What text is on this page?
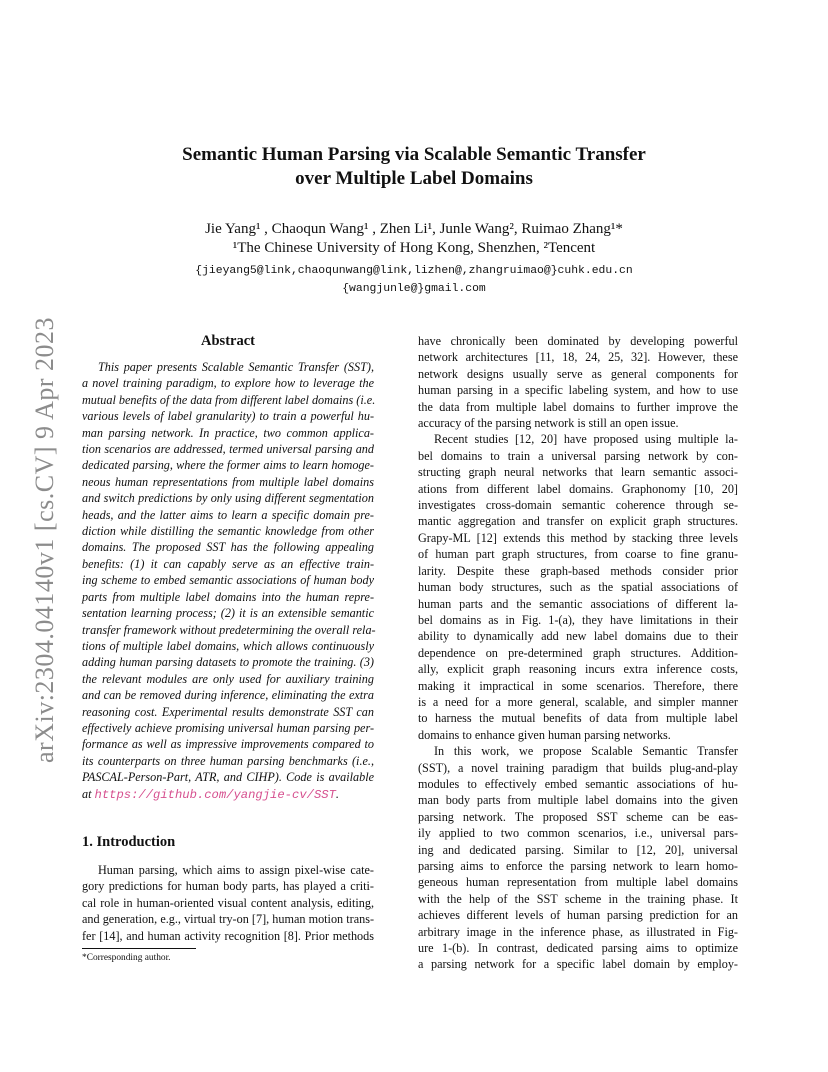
arXiv:2304.04140v1 [cs.CV] 9 Apr 2023
Semantic Human Parsing via Scalable Semantic Transfer
over Multiple Label Domains
Jie Yang¹ , Chaoqun Wang¹ , Zhen Li¹, Junle Wang², Ruimao Zhang¹*
¹The Chinese University of Hong Kong, Shenzhen, ²Tencent
{jieyang5@link,chaoqunwang@link,lizhen@,zhangruimao@}cuhk.edu.cn
{wangjunle@}gmail.com
Abstract
This paper presents Scalable Semantic Transfer (SST),
a novel training paradigm, to explore how to leverage the
mutual benefits of the data from different label domains (i.e.
various levels of label granularity) to train a powerful hu-
man parsing network. In practice, two common applica-
tion scenarios are addressed, termed universal parsing and
dedicated parsing, where the former aims to learn homoge-
neous human representations from multiple label domains
and switch predictions by only using different segmentation
heads, and the latter aims to learn a specific domain pre-
diction while distilling the semantic knowledge from other
domains. The proposed SST has the following appealing
benefits: (1) it can capably serve as an effective train-
ing scheme to embed semantic associations of human body
parts from multiple label domains into the human repre-
sentation learning process; (2) it is an extensible semantic
transfer framework without predetermining the overall rela-
tions of multiple label domains, which allows continuously
adding human parsing datasets to promote the training. (3)
the relevant modules are only used for auxiliary training
and can be removed during inference, eliminating the extra
reasoning cost. Experimental results demonstrate SST can
effectively achieve promising universal human parsing per-
formance as well as impressive improvements compared to
its counterparts on three human parsing benchmarks (i.e.,
PASCAL-Person-Part, ATR, and CIHP). Code is available
at https://github.com/yangjie-cv/SST.
1. Introduction
Human parsing, which aims to assign pixel-wise cate-
gory predictions for human body parts, has played a criti-
cal role in human-oriented visual content analysis, editing,
and generation, e.g., virtual try-on [7], human motion trans-
fer [14], and human activity recognition [8]. Prior methods
*Corresponding author.
have chronically been dominated by developing powerful
network architectures [11, 18, 24, 25, 32]. However, these
network designs usually serve as general components for
human parsing in a specific labeling system, and how to use
the data from multiple label domains to further improve the
accuracy of the parsing network is still an open issue.
Recent studies [12, 20] have proposed using multiple la-
bel domains to train a universal parsing network by con-
structing graph neural networks that learn semantic associ-
ations from different label domains. Graphonomy [10, 20]
investigates cross-domain semantic coherence through se-
mantic aggregation and transfer on explicit graph structures.
Grapy-ML [12] extends this method by stacking three levels
of human part graph structures, from coarse to fine granu-
larity. Despite these graph-based methods consider prior
human body structures, such as the spatial associations of
human parts and the semantic associations of different la-
bel domains as in Fig. 1-(a), they have limitations in their
ability to dynamically add new label domains due to their
dependence on pre-determined graph structures. Addition-
ally, explicit graph reasoning incurs extra inference costs,
making it impractical in some scenarios. Therefore, there
is a need for a more general, scalable, and simpler manner
to harness the mutual benefits of data from multiple label
domains to enhance given human parsing networks.
In this work, we propose Scalable Semantic Transfer
(SST), a novel training paradigm that builds plug-and-play
modules to effectively embed semantic associations of hu-
man body parts from multiple label domains into the given
parsing network. The proposed SST scheme can be eas-
ily applied to two common scenarios, i.e., universal pars-
ing and dedicated parsing. Similar to [12, 20], universal
parsing aims to enforce the parsing network to learn homo-
geneous human representation from multiple label domains
with the help of the SST scheme in the training phase. It
achieves different levels of human parsing prediction for an
arbitrary image in the inference phase, as illustrated in Fig-
ure 1-(b). In contrast, dedicated parsing aims to optimize
a parsing network for a specific label domain by employ-
